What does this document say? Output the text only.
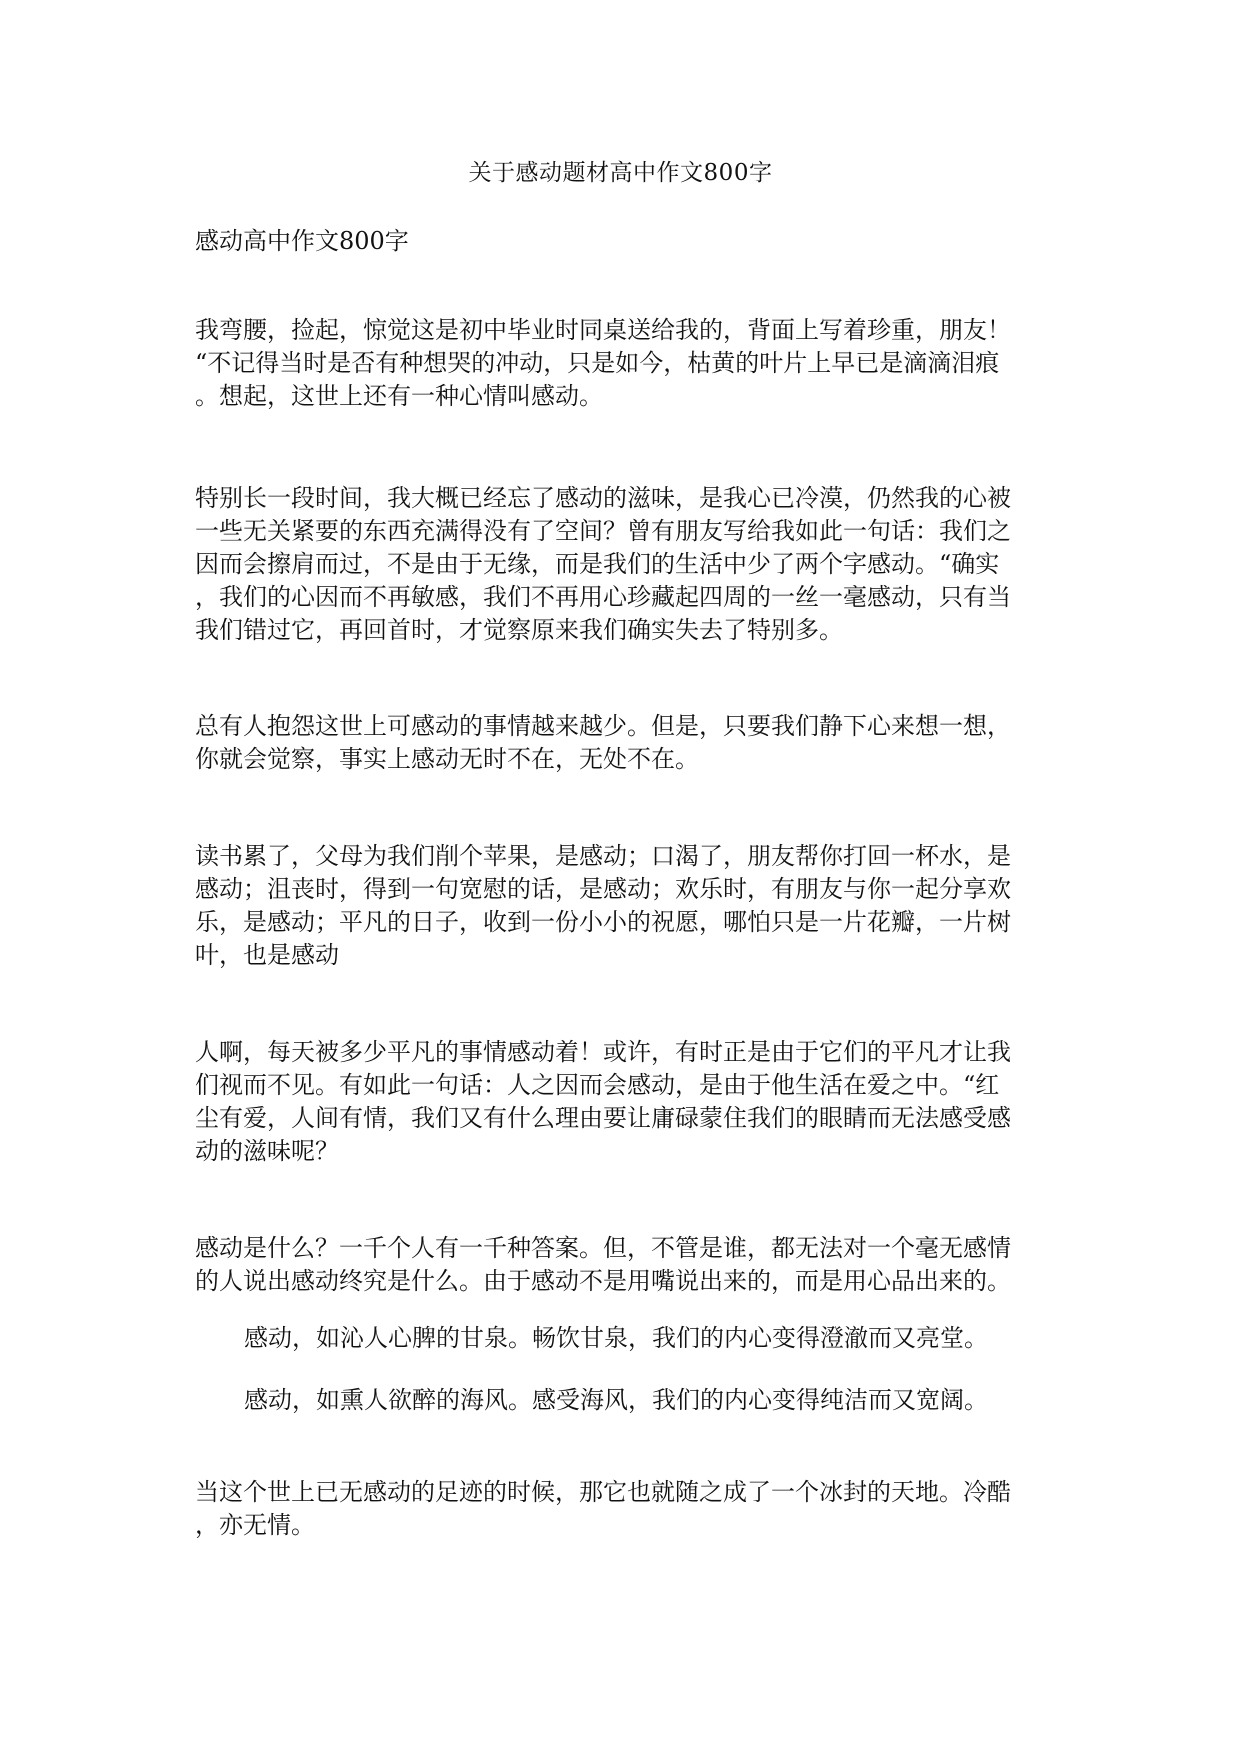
关于感动题材高中作文800字
感动高中作文800字

我弯腰，捡起，惊觉这是初中毕业时同桌送给我的，背面上写着珍重，朋友！
“不记得当时是否有种想哭的冲动，只是如今，枯黄的叶片上早已是滴滴泪痕
。想起，这世上还有一种心情叫感动。

特别长一段时间，我大概已经忘了感动的滋味，是我心已冷漠，仍然我的心被
一些无关紧要的东西充满得没有了空间？曾有朋友写给我如此一句话：我们之
因而会擦肩而过，不是由于无缘，而是我们的生活中少了两个字感动。“确实
，我们的心因而不再敏感，我们不再用心珍藏起四周的一丝一毫感动，只有当
我们错过它，再回首时，才觉察原来我们确实失去了特别多。

总有人抱怨这世上可感动的事情越来越少。但是，只要我们静下心来想一想，
你就会觉察，事实上感动无时不在，无处不在。

读书累了，父母为我们削个苹果，是感动；口渴了，朋友帮你打回一杯水，是
感动；沮丧时，得到一句宽慰的话，是感动；欢乐时，有朋友与你一起分享欢
乐，是感动；平凡的日子，收到一份小小的祝愿，哪怕只是一片花瓣，一片树
叶，也是感动

人啊，每天被多少平凡的事情感动着！或许，有时正是由于它们的平凡才让我
们视而不见。有如此一句话：人之因而会感动，是由于他生活在爱之中。“红
尘有爱，人间有情，我们又有什么理由要让庸碌蒙住我们的眼睛而无法感受感
动的滋味呢？

感动是什么？一千个人有一千种答案。但，不管是谁，都无法对一个毫无感情
的人说出感动终究是什么。由于感动不是用嘴说出来的，而是用心品出来的。

感动，如沁人心脾的甘泉。畅饮甘泉，我们的内心变得澄澈而又亮堂。

感动，如熏人欲醉的海风。感受海风，我们的内心变得纯洁而又宽阔。

当这个世上已无感动的足迹的时候，那它也就随之成了一个冰封的天地。冷酷
，亦无情。
